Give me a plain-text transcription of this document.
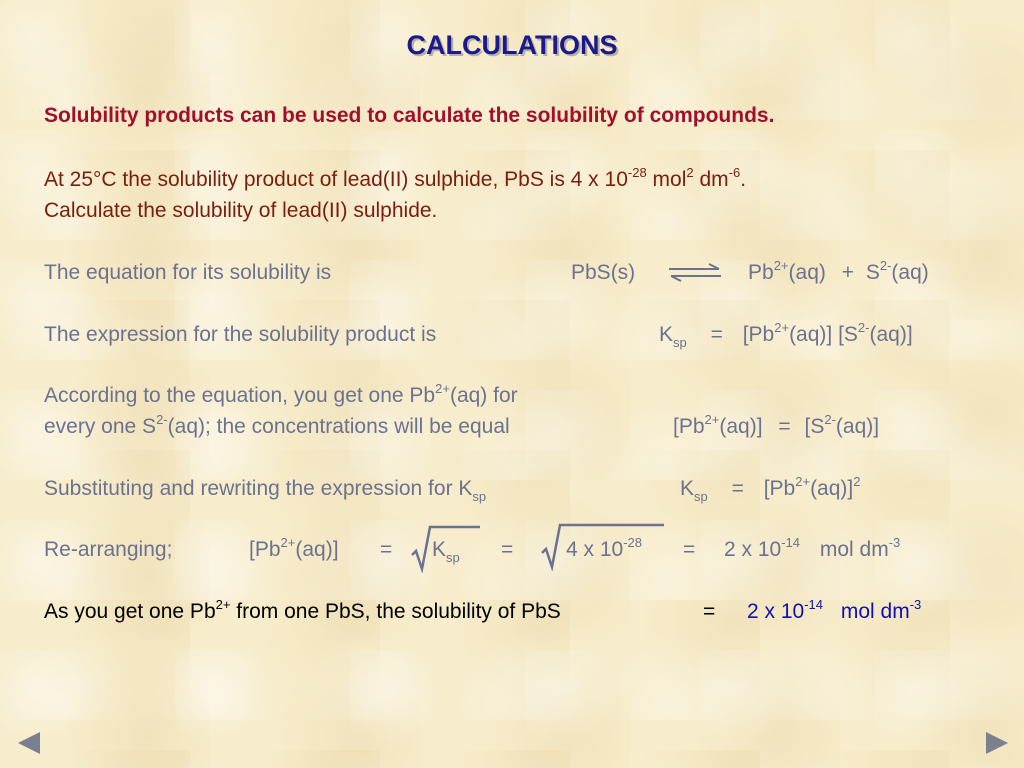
CALCULATIONS
Solubility products can be used to calculate the solubility of compounds.
At 25°C the solubility product of lead(II) sulphide, PbS is 4 x $10^{-28}$ mol$^2$ $dm^{-6}$.
Calculate the solubility of lead(II) sulphide.
The equation for its solubility is	PbS(s)	$Pb^{2+}(aq) + S^{2-}(aq)$
The expression for the solubility product is	$K_{sp} = [Pb^{2+}(aq)]$ $[S^{2-}(aq)]$
According to the equation, you get one $Pb^{2+}(aq)$ for
every one $S^{2-}(aq)$; the concentrations will be equal	$[Pb^{2+}(aq)] = [S^{2-}(aq)]$
Substituting and rewriting the expression for $K_{sp}$	$K_{sp} = [Pb^{2+}(aq)]^2$
Re-arranging;	$[Pb^{2+}(aq)] = K_{sp}$ =	4 x $10^{-28} = 2$ x $10^{-14}$ mol $dm^{-3}$
As you get one $Pb^{2+}$ from one PbS, the solubility of PbS	= 2 x $10^{-14}$ mol $dm^{-3}$
